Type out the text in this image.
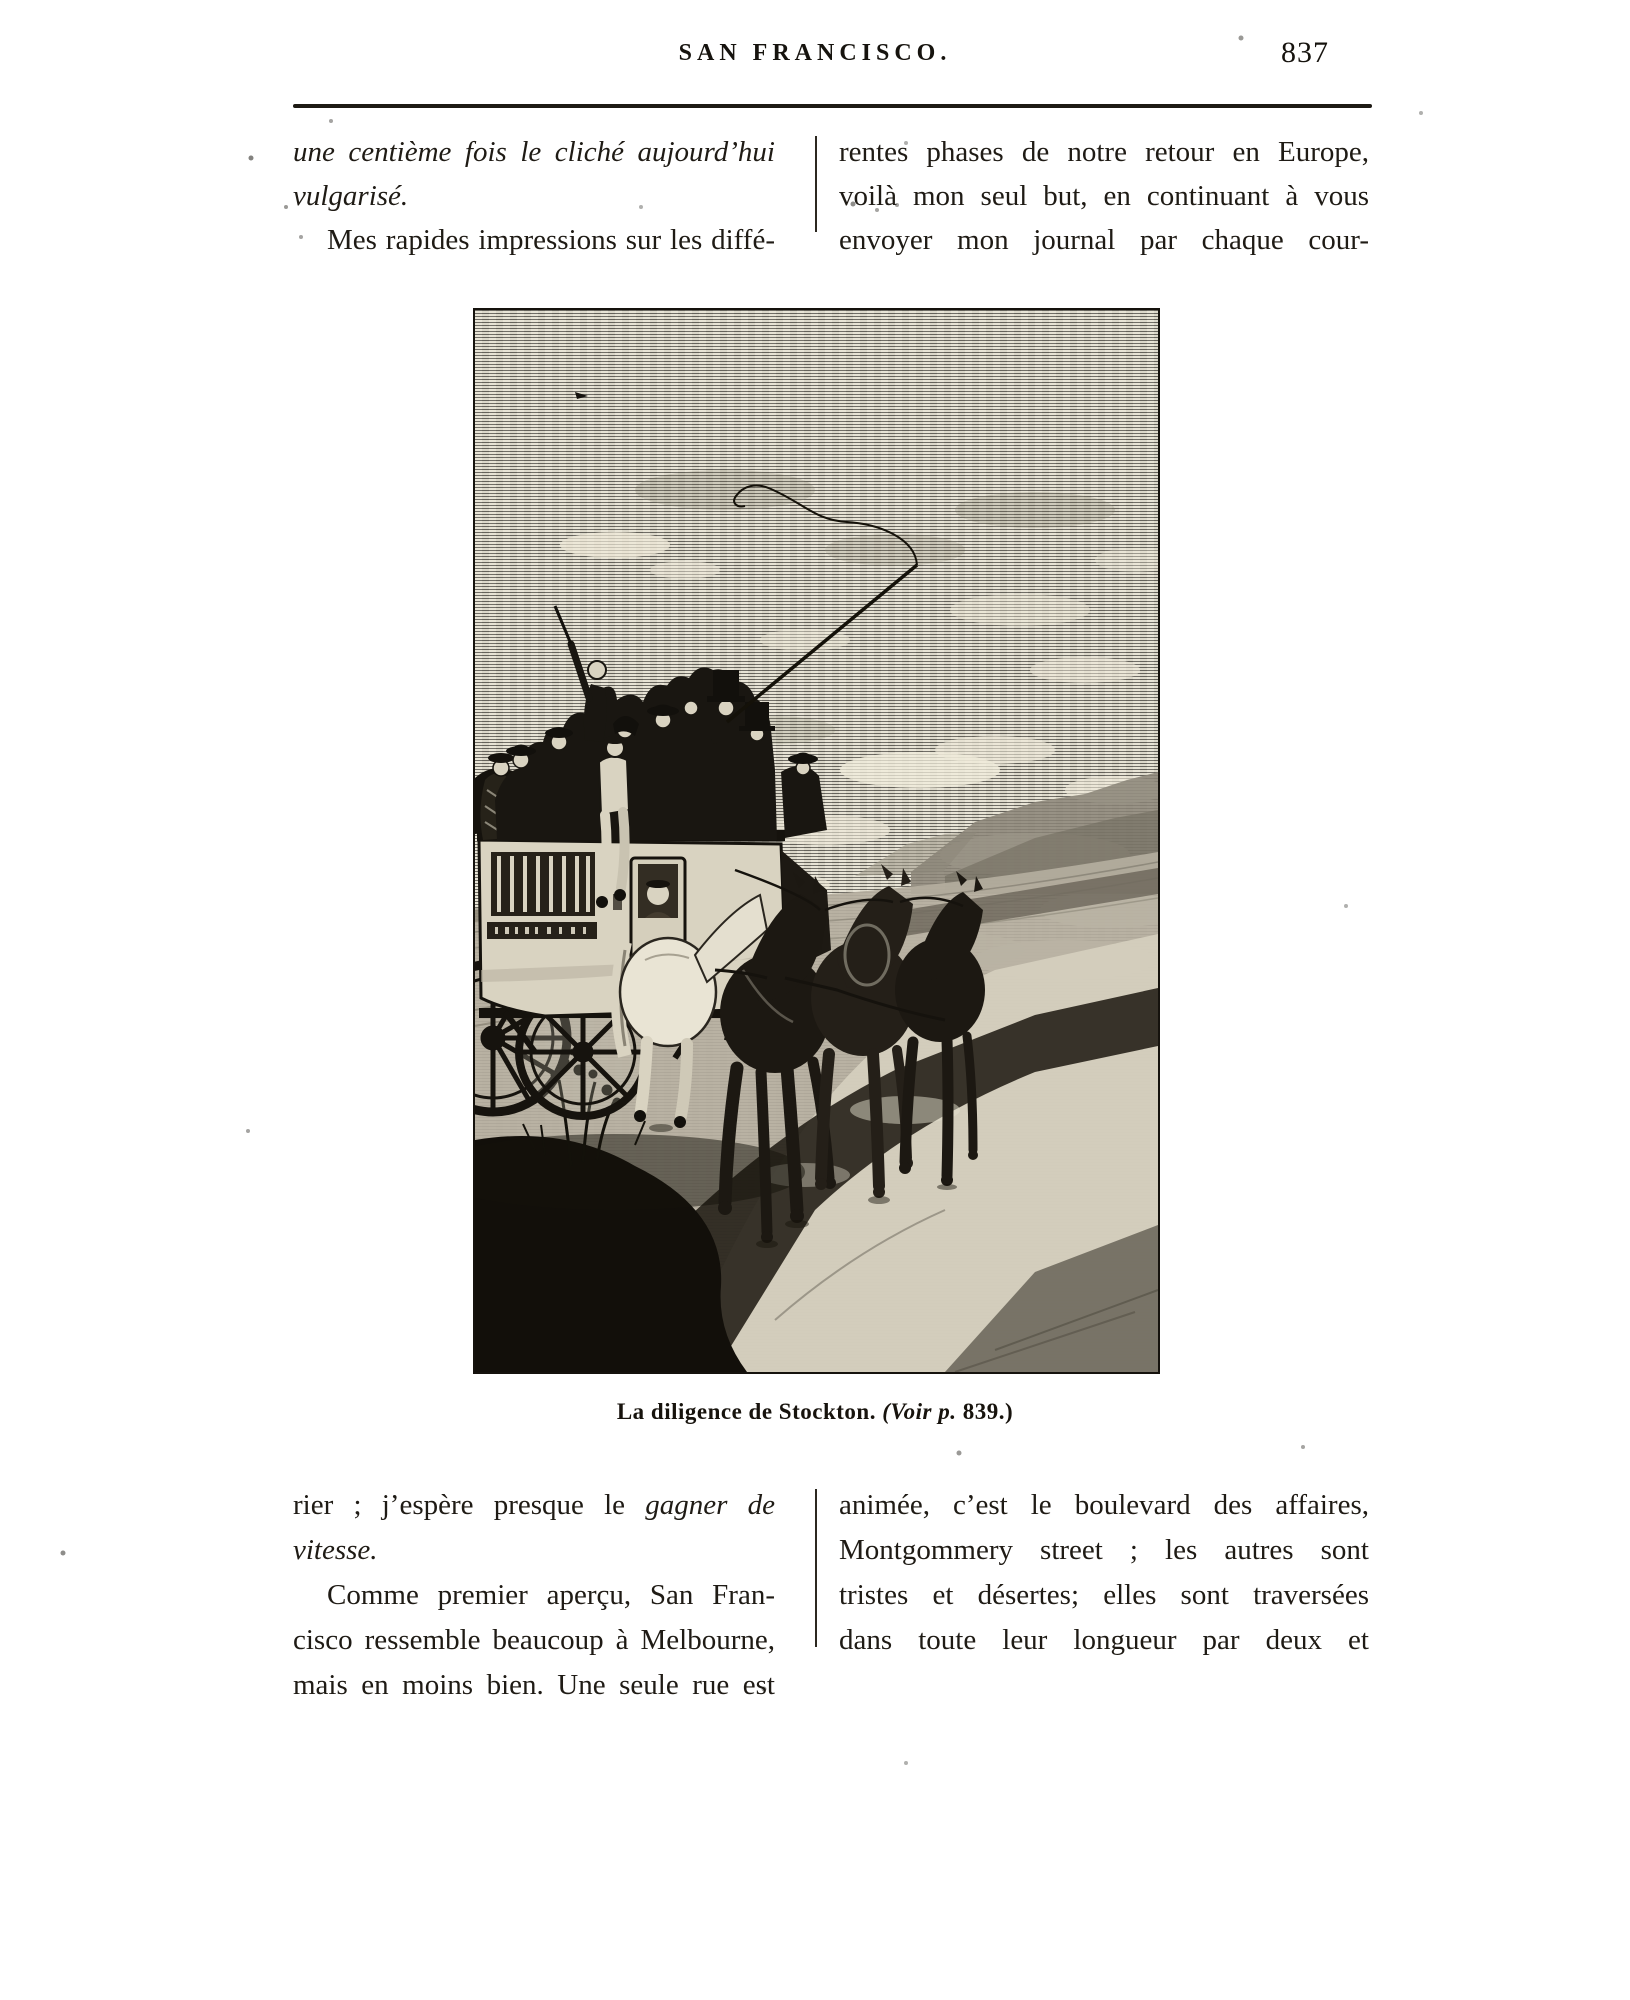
SAN FRANCISCO.	837
une centième fois le cliché aujourd’hui
vulgarisé.
Mes rapides impressions sur les diffé-
rentes phases de notre retour en Europe,
voilà mon seul but, en continuant à vous
envoyer mon journal par chaque cour-
La diligence de Stockton. (Voir p. 839.)
rier ; j’espère presque le gagner de vitesse.
Comme premier aperçu, San Fran-
cisco ressemble beaucoup à Melbourne,
mais en moins bien. Une seule rue est
animée, c’est le boulevard des affaires,
Montgommery street ; les autres sont
tristes et désertes; elles sont traversées
dans toute leur longueur par deux et
